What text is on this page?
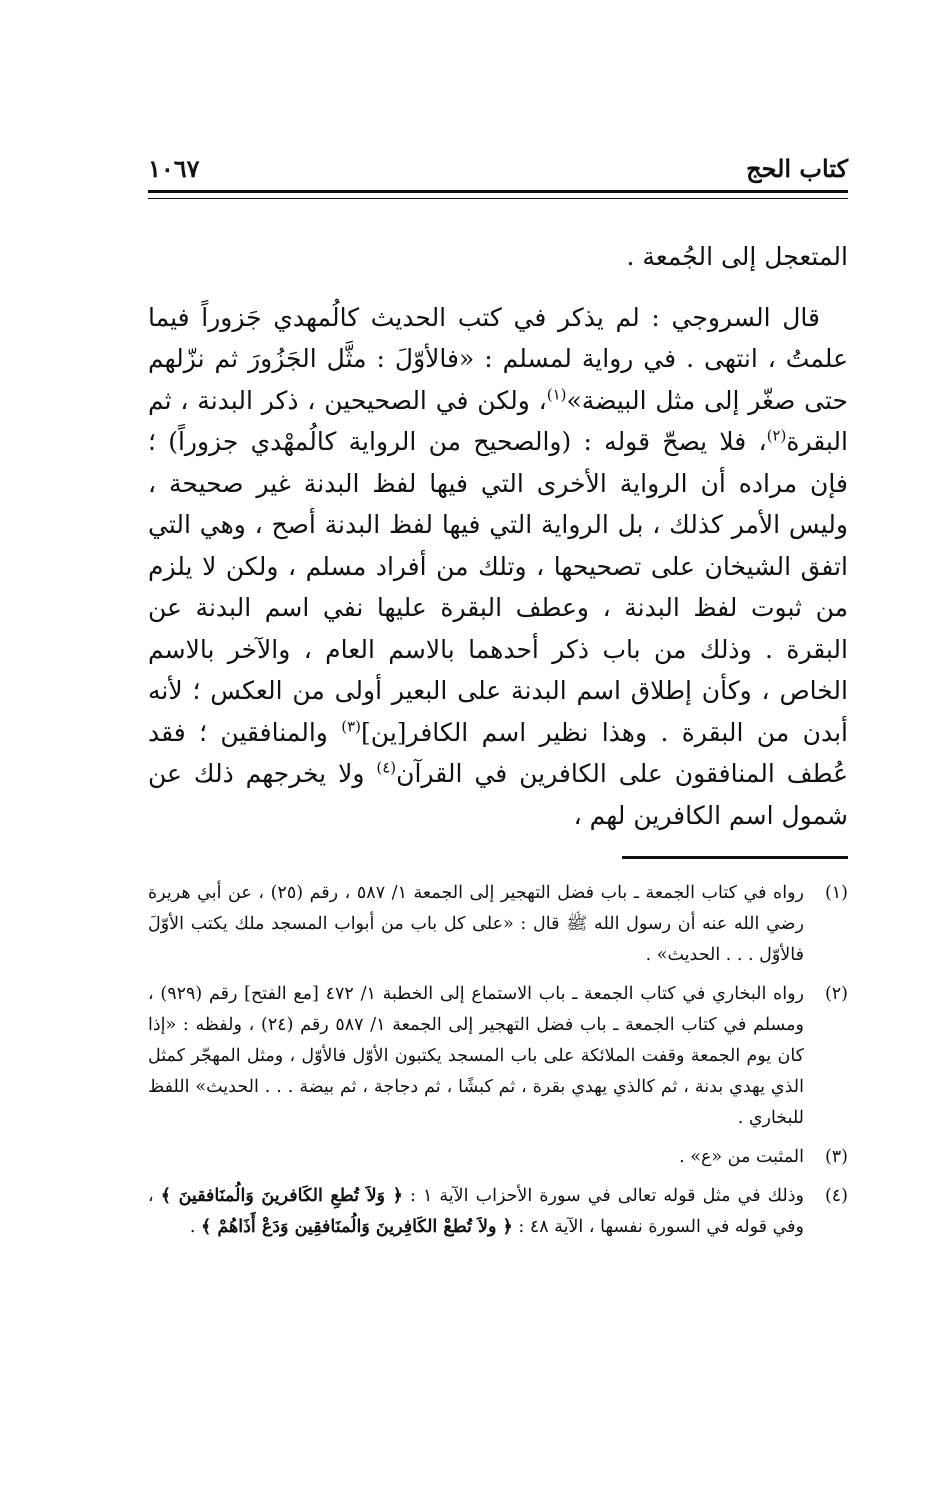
كتاب الحج
١٠٦٧

المتعجل إلى الجُمعة .

قال السروجي : لم يذكر في كتب الحديث كالُمهدي جَزوراً فيما علمتُ ، انتهى . في رواية لمسلم : «فالأوّلَ : مثَّل الجَزُورَ ثم نزّلهم حتى صغّر إلى مثل البيضة»$^{(١)}$، ولكن في الصحيحين ، ذكر البدنة ، ثم البقرة$^{(٢)}$، فلا يصحّ قوله : (والصحيح من الرواية كالُمهْدي جزوراً) ؛ فإن مراده أن الرواية الأخرى التي فيها لفظ البدنة غير صحيحة ، وليس الأمر كذلك ، بل الرواية التي فيها لفظ البدنة أصح ، وهي التي اتفق الشيخان على تصحيحها ، وتلك من أفراد مسلم ، ولكن لا يلزم من ثبوت لفظ البدنة ، وعطف البقرة عليها نفي اسم البدنة عن البقرة . وذلك من باب ذكر أحدهما بالاسم العام ، والآخر بالاسم الخاص ، وكأن إطلاق اسم البدنة على البعير أولى من العكس ؛ لأنه أبدن من البقرة . وهذا نظير اسم الكافر[ين]$^{(٣)}$ والمنافقين ؛ فقد عُطف المنافقون على الكافرين في القرآن$^{(٤)}$ ولا يخرجهم ذلك عن شمول اسم الكافرين لهم ،

(١)
رواه في كتاب الجمعة ـ باب فضل التهجير إلى الجمعة ١/ ٥٨٧ ، رقم (٢٥) ، عن أبي هريرة رضي الله عنه أن رسول الله ﷺ قال : «على كل باب من أبواب المسجد ملك يكتب الأوّلَ فالأوّل . . . الحديث» .
(٢)
رواه البخاري في كتاب الجمعة ـ باب الاستماع إلى الخطبة ١/ ٤٧٢ [مع الفتح] رقم (٩٢٩) ، ومسلم في كتاب الجمعة ـ باب فضل التهجير إلى الجمعة ١/ ٥٨٧ رقم (٢٤) ، ولفظه : «إذا كان يوم الجمعة وقفت الملائكة على باب المسجد يكتبون الأوّل فالأوّل ، ومثل المهجّر كمثل الذي يهدي بدنة ، ثم كالذي يهدي بقرة ، ثم كبشًا ، ثم دجاجة ، ثم بيضة . . . الحديث» اللفظ للبخاري .
(٣)
المثبت من «ع» .
(٤)
وذلك في مثل قوله تعالى في سورة الأحزاب الآية ١ : ﴿ وَلاَ تُطعِ الكَافرينَ وَالُمنَافقينَ ﴾ ، وفي قوله في السورة نفسها ، الآية ٤٨ : ﴿ ولاَ تُطعْ الكَافِرينَ وَالُمنَافقِين وَدَعْ أَذَاهُمْ ﴾ .
